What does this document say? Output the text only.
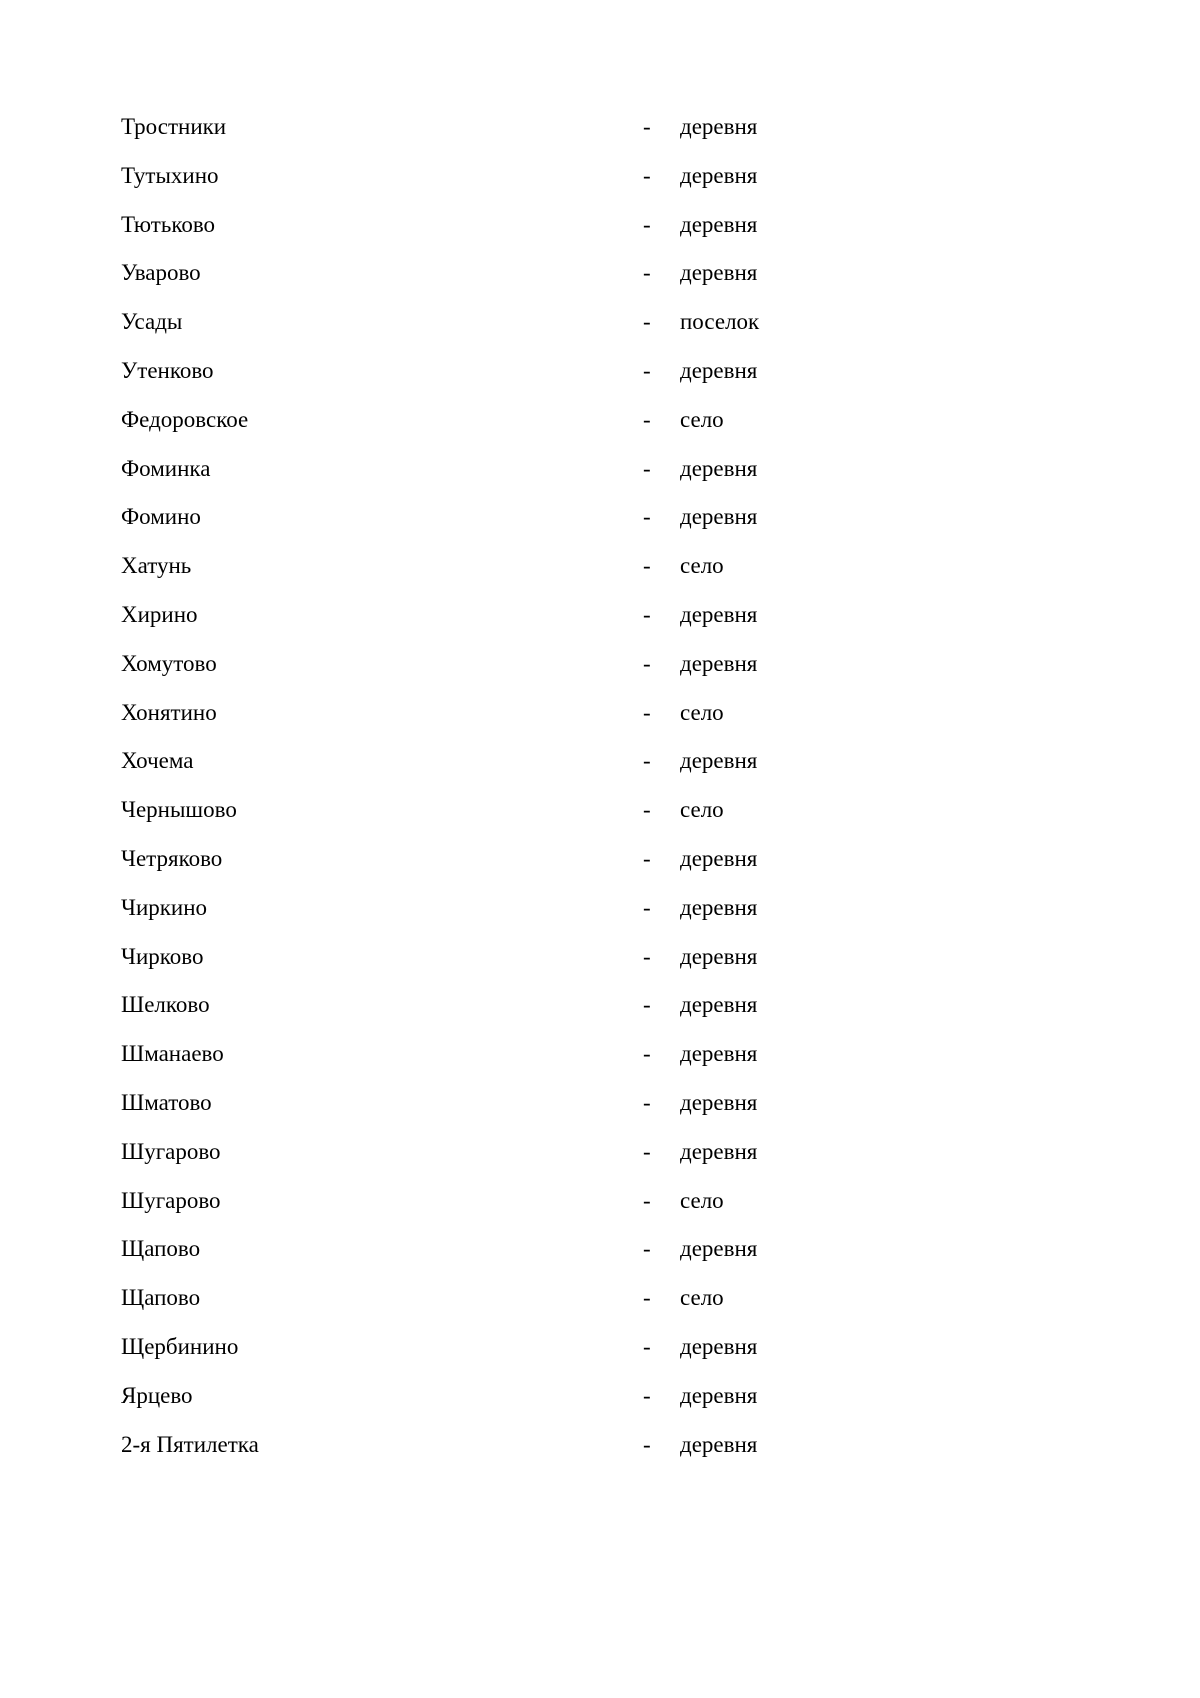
Тростники	- деревня
Тутыхино	- деревня
Тютьково	- деревня
Уварово	- деревня
Усады	- поселок
Утенково	- деревня
Федоровское	- село
Фоминка	- деревня
Фомино	- деревня
Хатунь	- село
Хирино	- деревня
Хомутово	- деревня
Хонятино	- село
Хочема	- деревня
Чернышово	- село
Четряково	- деревня
Чиркино	- деревня
Чирково	- деревня
Шелково	- деревня
Шманаево	- деревня
Шматово	- деревня
Шугарово	- деревня
Шугарово	- село
Щапово	- деревня
Щапово	- село
Щербинино	- деревня
Ярцево	- деревня
2-я Пятилетка	- деревня
